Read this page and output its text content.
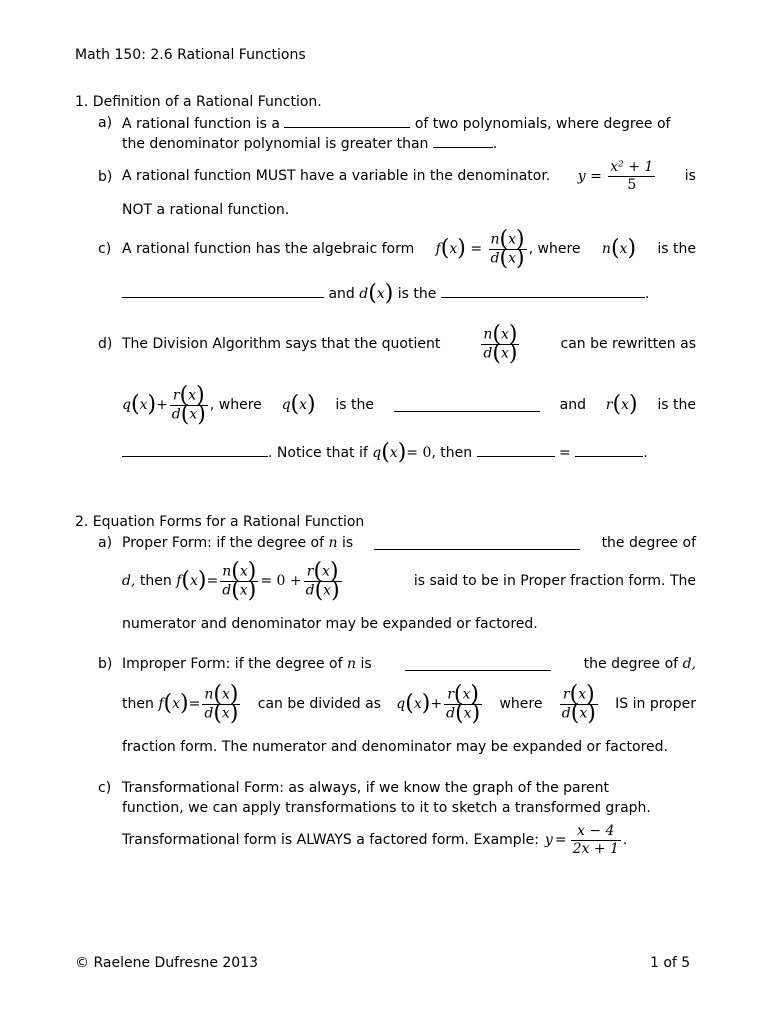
Math 150: 2.6 Rational Functions
1. Definition of a Rational Function.
a) A rational function is a	of two polynomials, where degree of
the denominator polynomial is greater than	.
b) A rational function MUST have a variable in the denominator. $y = \frac{\text{x² + 1}}{5}$ is
NOT a rational function.
c) A rational function has the algebraic form $f(x) = \frac{n(x)}{d(x)}$ , where n(x) is the
and d(x) is the	.
d) The Division Algorithm says that the quotient	$\frac{n(x)}{d(x)}$	can be rewritten as
$q(x)+ \frac{r(x)}{d(x)}$ , where q(x) is the	and r(x) is the
. Notice that if q(x)= 0, then	=	.
2. Equation Forms for a Rational Function
a) Proper Form: if the degree of n is	the degree of
d, then $f(x)= \frac{n(x)}{d(x)} = 0 + \frac{r(x)}{d(x)}$	is said to be in Proper fraction form. The
numerator and denominator may be expanded or factored.
b) Improper Form: if the degree of n is	the degree of d,
then $f(x)= \frac{n(x)}{d(x)}$ can be divided as $q(x)+ \frac{r(x)}{d(x)}$ where $\frac{r(x)}{d(x)}$ IS in proper
fraction form. The numerator and denominator may be expanded or factored.
c) Transformational Form: as always, if we know the graph of the parent
function, we can apply transformations to it to sketch a transformed graph.
Transformational form is ALWAYS a factored form. Example: $y = \frac{x - 4}{2x + 1}$ .
© Raelene Dufresne 2013	1 of 5
